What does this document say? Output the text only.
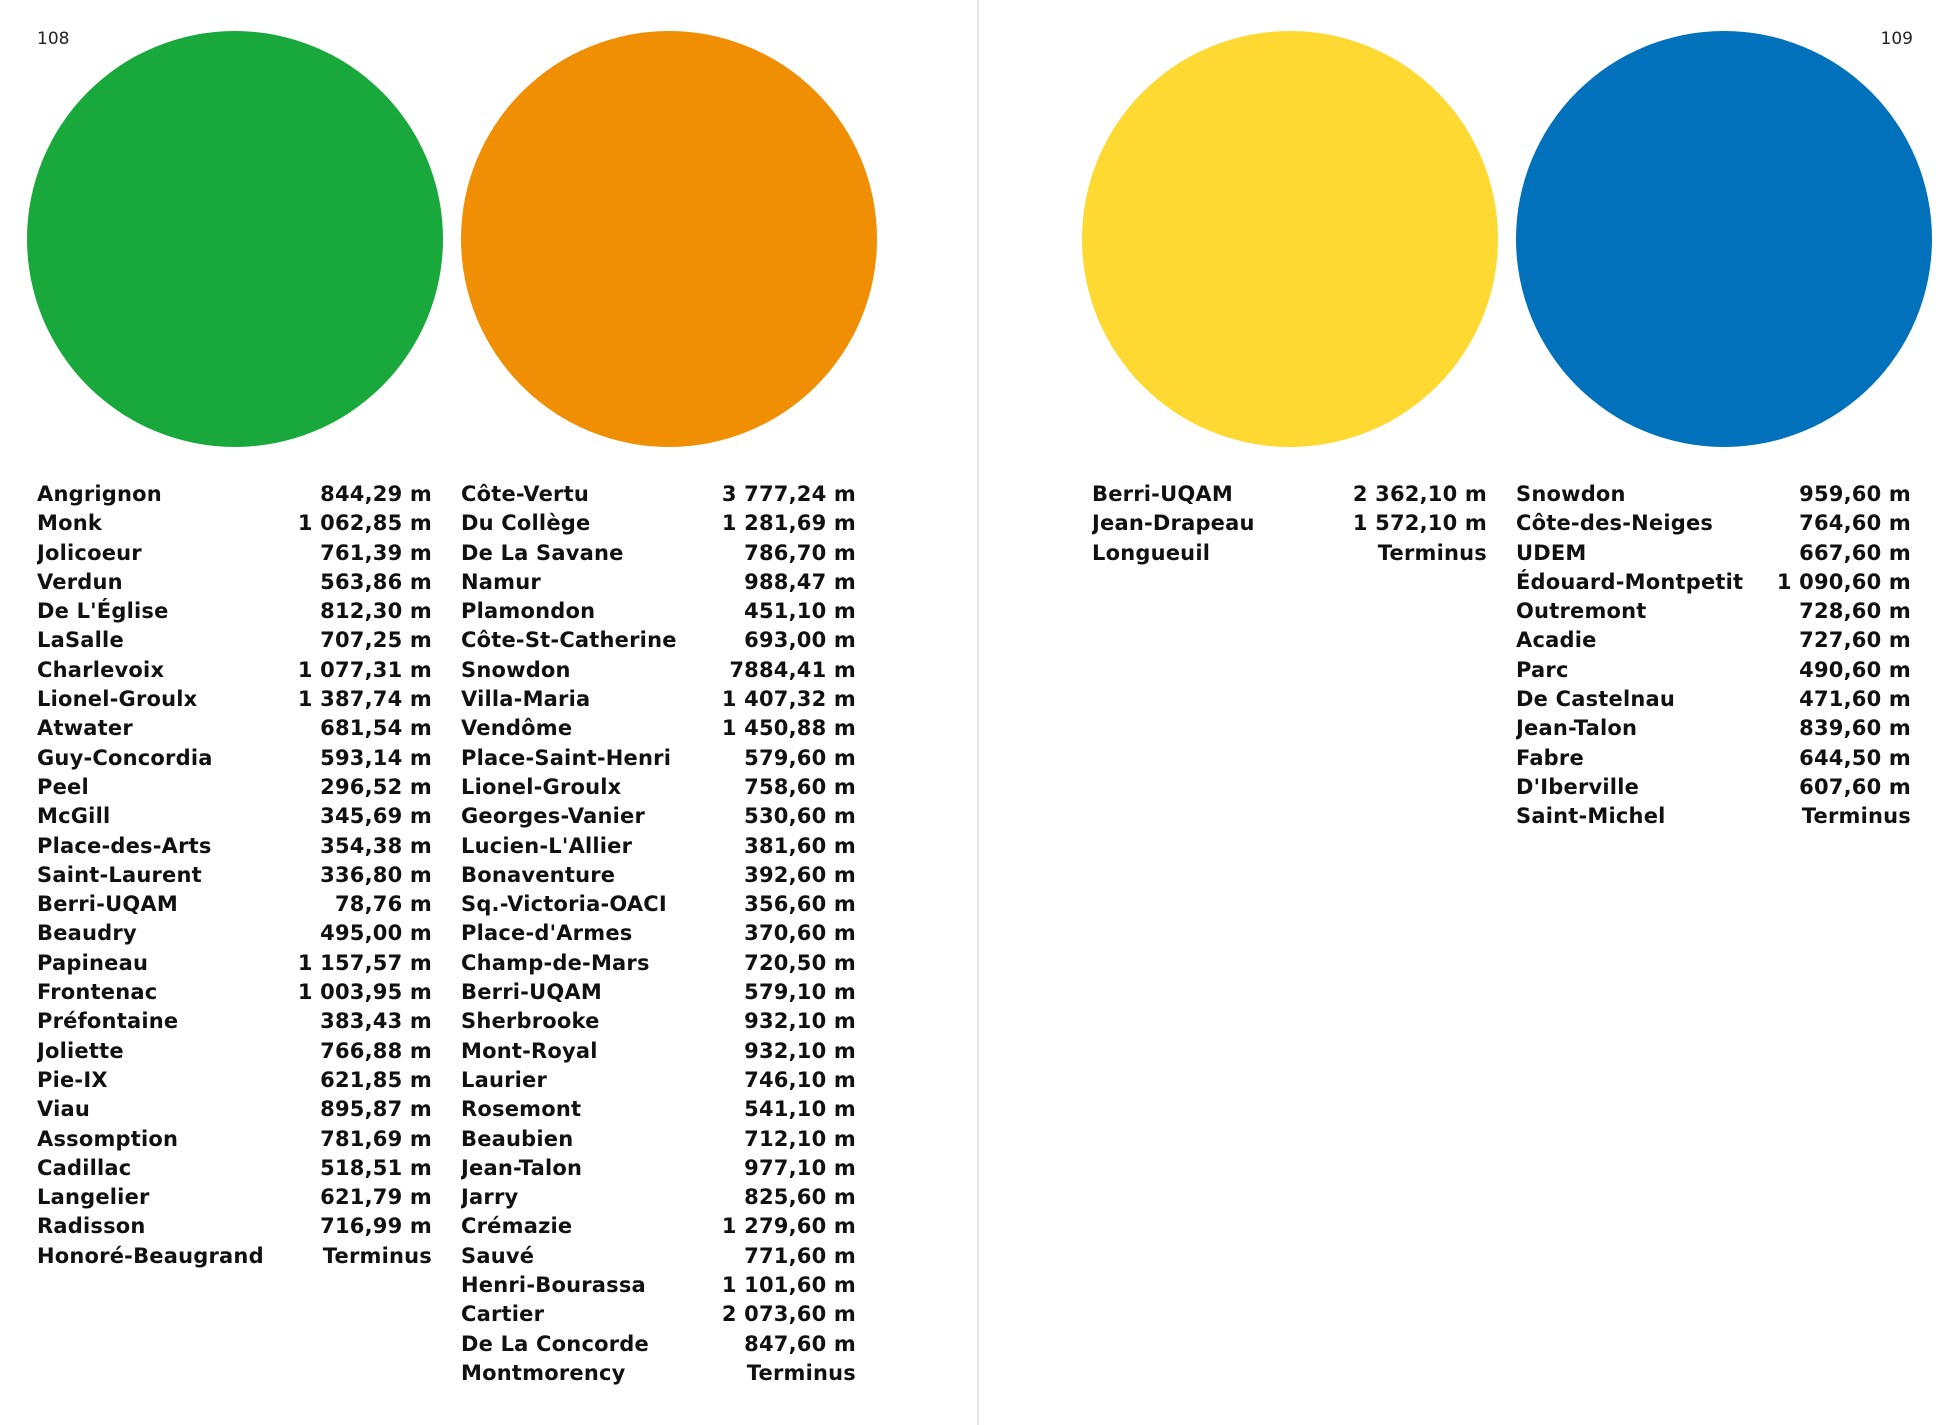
108	109
Angrignon	844,29 m
Monk	1 062,85 m
Jolicoeur	761,39 m
Verdun	563,86 m
De L'Église	812,30 m
LaSalle	707,25 m
Charlevoix	1 077,31 m
Lionel-Groulx	1 387,74 m
Atwater	681,54 m
Guy-Concordia	593,14 m
Peel	296,52 m
McGill	345,69 m
Place-des-Arts	354,38 m
Saint-Laurent	336,80 m
Berri-UQAM	78,76 m
Beaudry	495,00 m
Papineau	1 157,57 m
Frontenac	1 003,95 m
Préfontaine	383,43 m
Joliette	766,88 m
Pie-IX	621,85 m
Viau	895,87 m
Assomption	781,69 m
Cadillac	518,51 m
Langelier	621,79 m
Radisson	716,99 m
Honoré-Beaugrand	Terminus
Côte-Vertu	3 777,24 m
Du Collège	1 281,69 m
De La Savane	786,70 m
Namur	988,47 m
Plamondon	451,10 m
Côte-St-Catherine	693,00 m
Snowdon	7884,41 m
Villa-Maria	1 407,32 m
Vendôme	1 450,88 m
Place-Saint-Henri	579,60 m
Lionel-Groulx	758,60 m
Georges-Vanier	530,60 m
Lucien-L'Allier	381,60 m
Bonaventure	392,60 m
Sq.-Victoria-OACI	356,60 m
Place-d'Armes	370,60 m
Champ-de-Mars	720,50 m
Berri-UQAM	579,10 m
Sherbrooke	932,10 m
Mont-Royal	932,10 m
Laurier	746,10 m
Rosemont	541,10 m
Beaubien	712,10 m
Jean-Talon	977,10 m
Jarry	825,60 m
Crémazie	1 279,60 m
Sauvé	771,60 m
Henri-Bourassa	1 101,60 m
Cartier	2 073,60 m
De La Concorde	847,60 m
Montmorency	Terminus
Berri-UQAM	2 362,10 m
Jean-Drapeau	1 572,10 m
Longueuil	Terminus
Snowdon	959,60 m
Côte-des-Neiges	764,60 m
UDEM	667,60 m
Édouard-Montpetit 1 090,60 m
Outremont	728,60 m
Acadie	727,60 m
Parc	490,60 m
De Castelnau	471,60 m
Jean-Talon	839,60 m
Fabre	644,50 m
D'Iberville	607,60 m
Saint-Michel	Terminus
